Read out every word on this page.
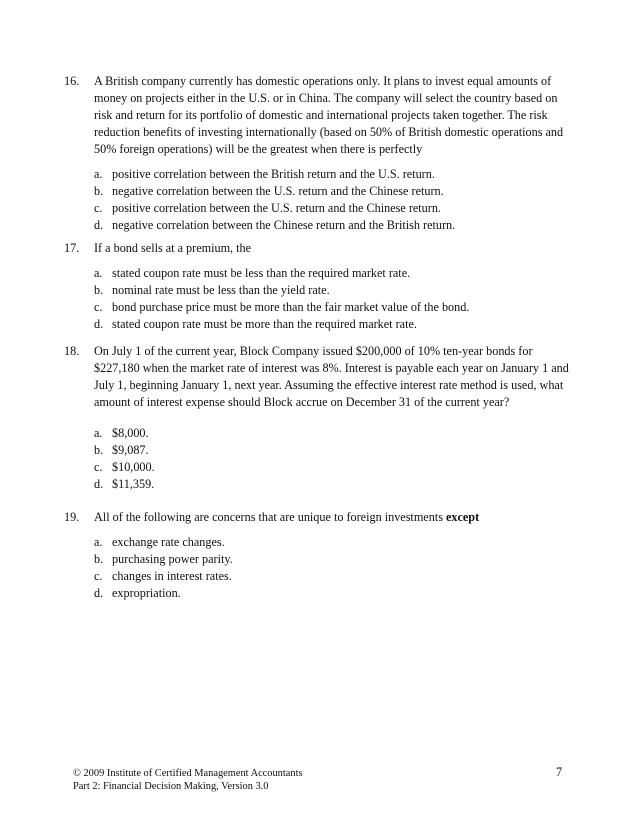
16.	A British company currently has domestic operations only. It plans to invest equal amounts of money on projects either in the U.S. or in China. The company will select the country based on risk and return for its portfolio of domestic and international projects taken together. The risk reduction benefits of investing internationally (based on 50% of British domestic operations and 50% foreign operations) will be the greatest when there is perfectly
a. positive correlation between the British return and the U.S. return.
b. negative correlation between the U.S. return and the Chinese return.
c. positive correlation between the U.S. return and the Chinese return.
d. negative correlation between the Chinese return and the British return.
17.	If a bond sells at a premium, the
a. stated coupon rate must be less than the required market rate.
b. nominal rate must be less than the yield rate.
c. bond purchase price must be more than the fair market value of the bond.
d. stated coupon rate must be more than the required market rate.
18.	On July 1 of the current year, Block Company issued $200,000 of 10% ten-year bonds for $227,180 when the market rate of interest was 8%. Interest is payable each year on January 1 and July 1, beginning January 1, next year. Assuming the effective interest rate method is used, what amount of interest expense should Block accrue on December 31 of the current year?
a. $8,000.
b. $9,087.
c. $10,000.
d. $11,359.
19.	All of the following are concerns that are unique to foreign investments except
a. exchange rate changes.
b. purchasing power parity.
c. changes in interest rates.
d. expropriation.
© 2009 Institute of Certified Management Accountants
Part 2: Financial Decision Making, Version 3.0
7
